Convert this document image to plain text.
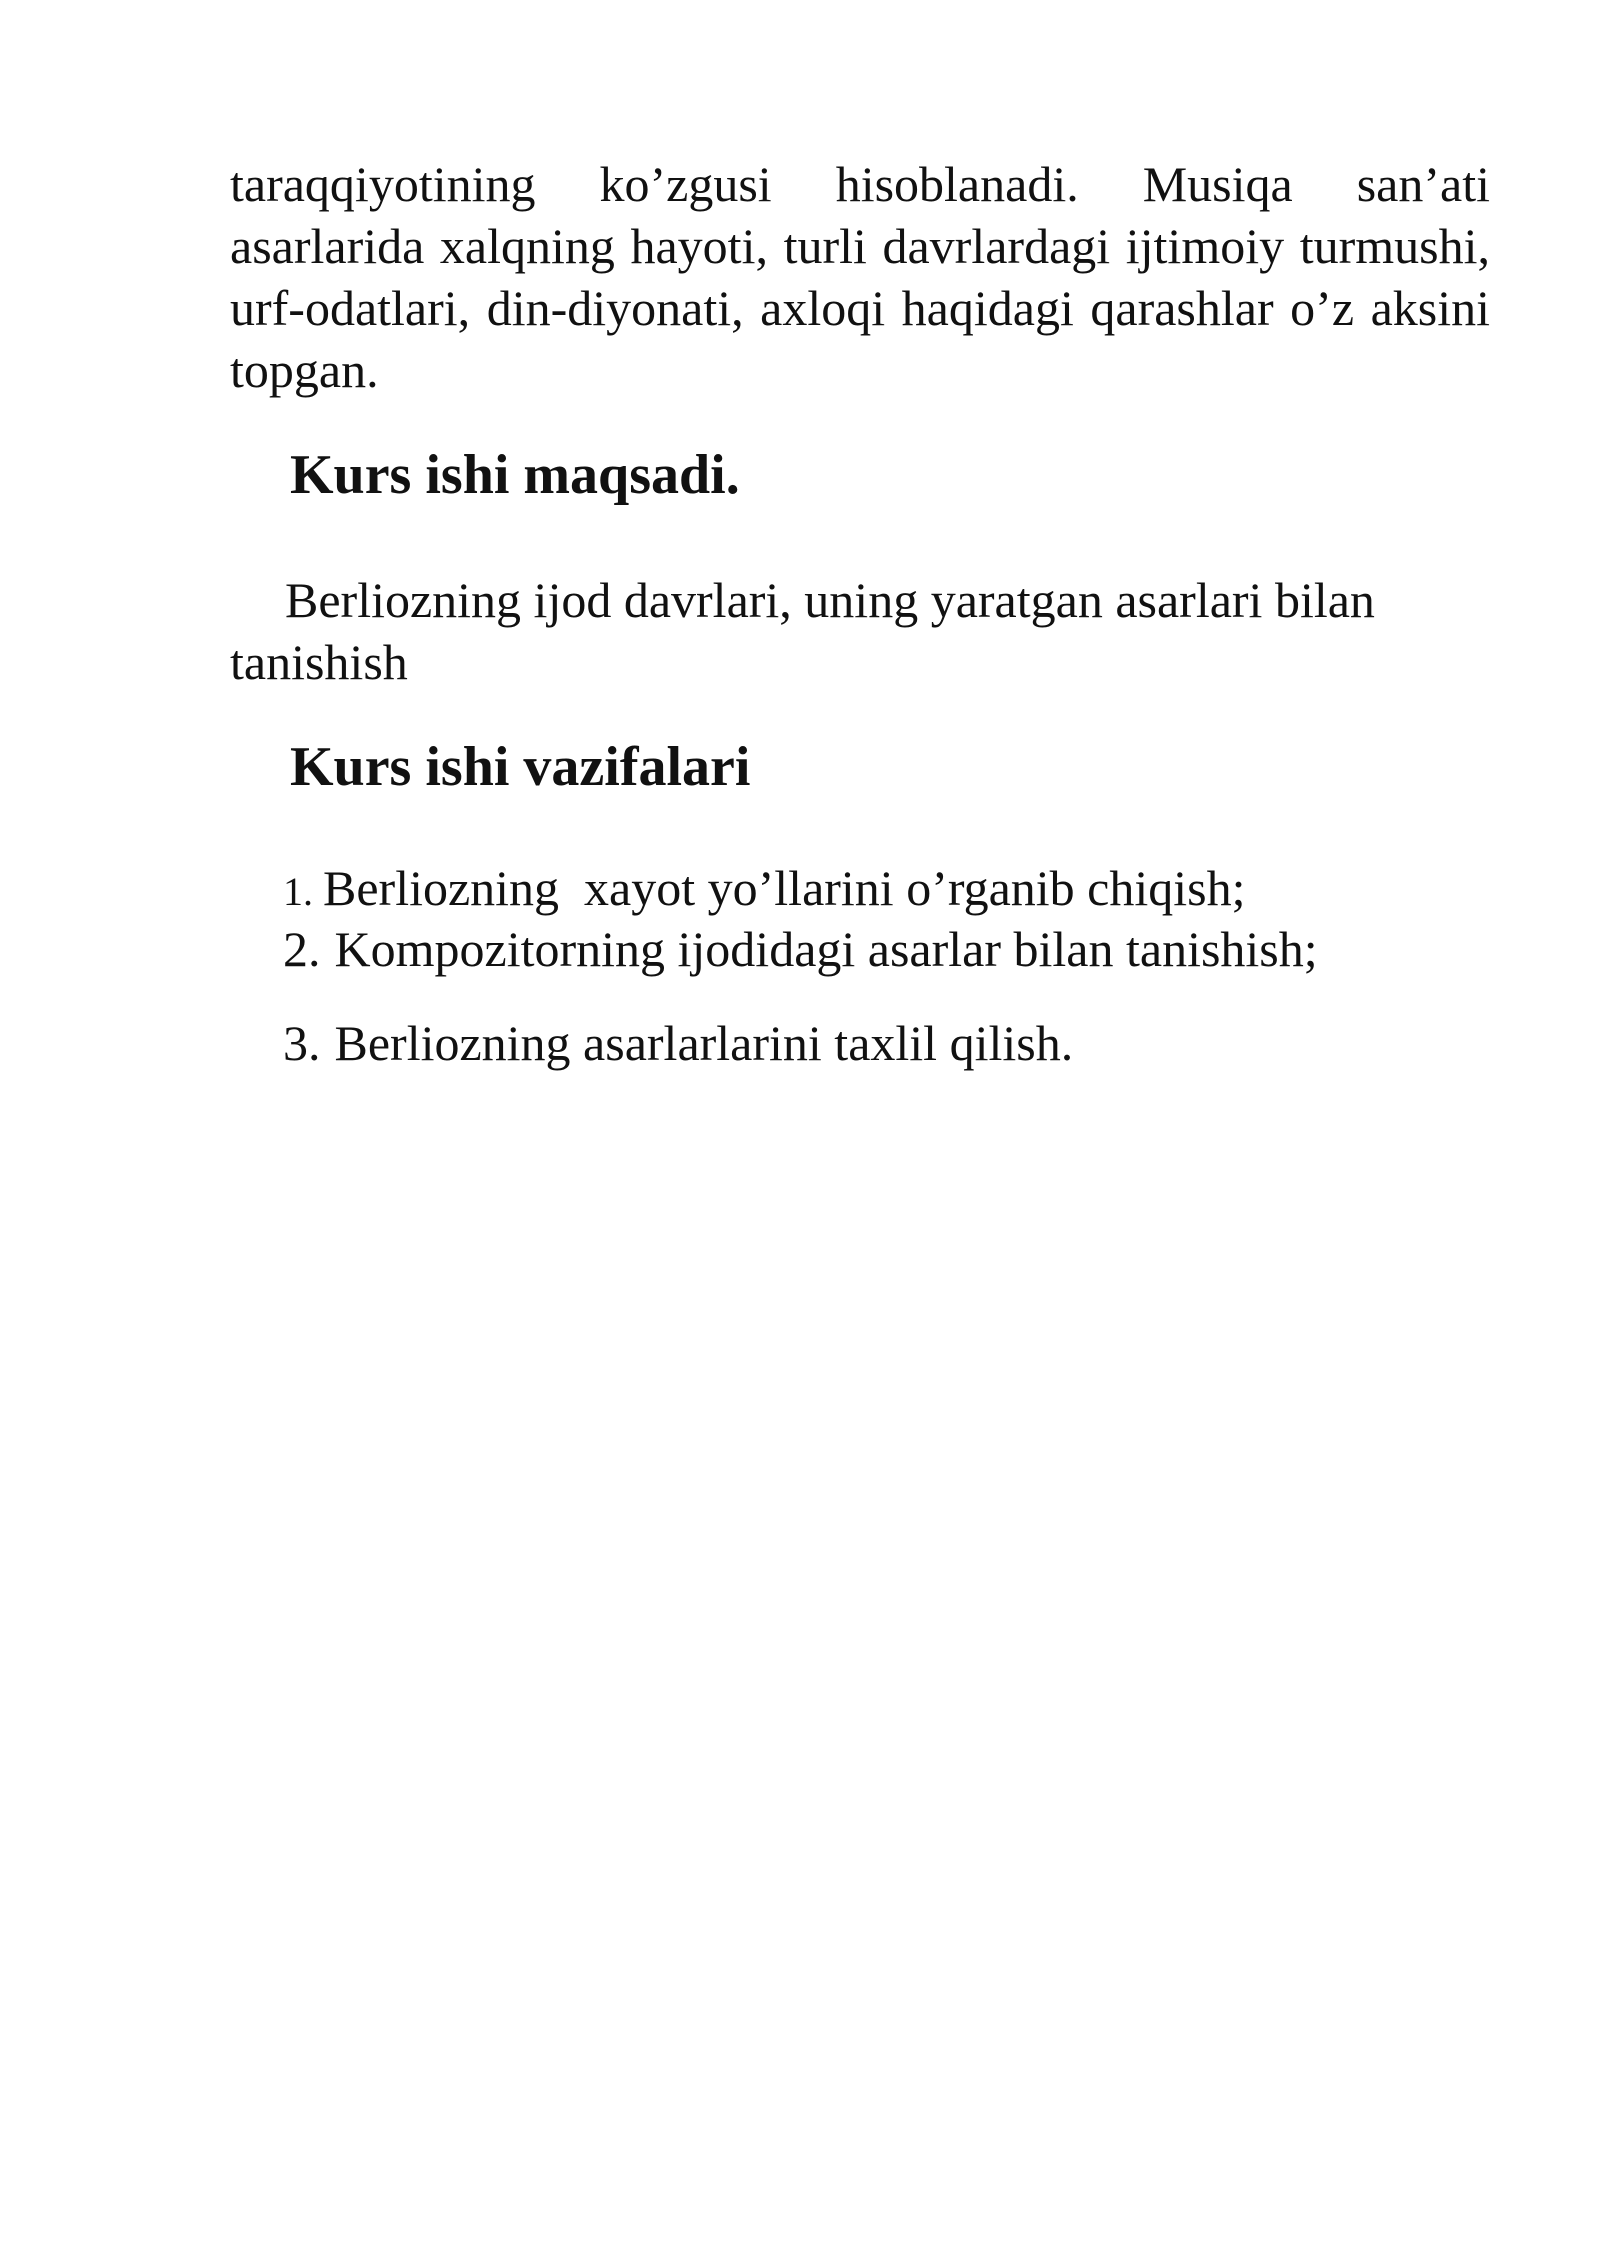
taraqqiyotining ko’zgusi hisoblanadi. Musiqa san’ati asarlarida xalqning hayoti, turli davrlardagi ijtimoiy turmushi, urf-odatlari, din-diyonati, axloqi haqidagi qarashlar o’z aksini topgan.

Kurs ishi maqsadi.

Berliozning ijod davrlari, uning yaratgan asarlari bilan tanishish

Kurs ishi vazifalari
1. Berliozning  xayot yo’llarini o’rganib chiqish;
2. Kompozitorning ijodidagi asarlar bilan tanishish;
3. Berliozning asarlarlarini taxlil qilish.
